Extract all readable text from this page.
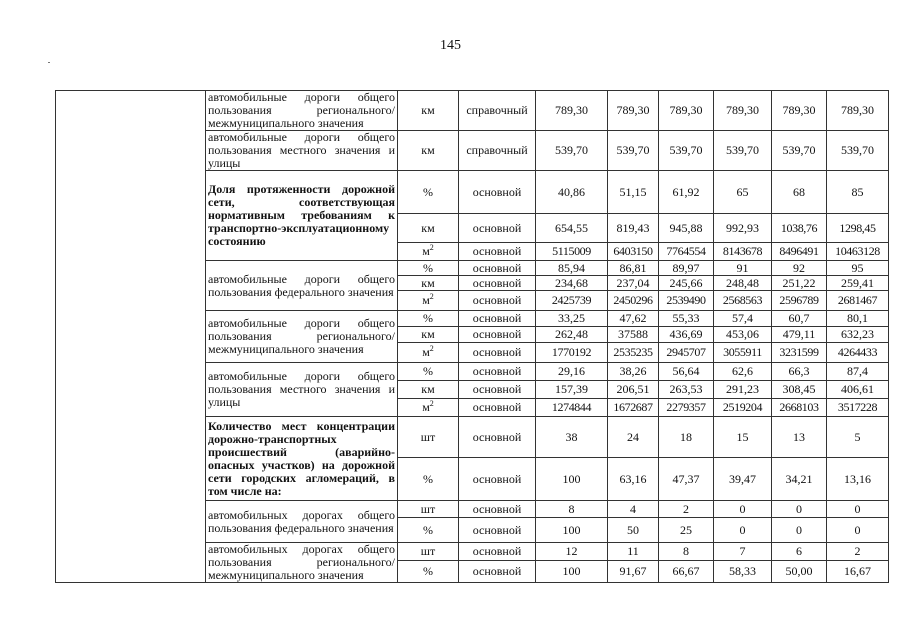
145
	автомобильные дороги общего пользования регионального/ межмуниципального значения	км	справочный	789,30	789,30	789,30	789,30	789,30	789,30
	автомобильные дороги общего пользования местного значения и улицы	км	справочный	539,70	539,70	539,70	539,70	539,70	539,70
	Доля протяженности дорожной сети, соответствующая нормативным требованиям к транспортно-эксплуатационному состоянию	%	основной	40,86	51,15	61,92	65	68	85
		км	основной	654,55	819,43	945,88	992,93	1038,76	1298,45
		$м^2$	основной	5115009	6403150	7764554	8143678	8496491	10463128
	автомобильные дороги общего пользования федерального значения	%	основной	85,94	86,81	89,97	91	92	95
		км	основной	234,68	237,04	245,66	248,48	251,22	259,41
		$м^2$	основной	2425739	2450296	2539490	2568563	2596789	2681467
	автомобильные дороги общего пользования регионального/ межмуниципального значения	%	основной	33,25	47,62	55,33	57,4	60,7	80,1
		км	основной	262,48	37588	436,69	453,06	479,11	632,23
		$м^2$	основной	1770192	2535235	2945707	3055911	3231599	4264433
	автомобильные дороги общего пользования местного значения и улицы	%	основной	29,16	38,26	56,64	62,6	66,3	87,4
		км	основной	157,39	206,51	263,53	291,23	308,45	406,61
		$м^2$	основной	1274844	1672687	2279357	2519204	2668103	3517228
	Количество мест концентрации дорожно-транспортных происшествий (аварийно-опасных участков) на дорожной сети городских агломераций, в том числе на:	шт	основной	38	24	18	15	13	5
		%	основной	100	63,16	47,37	39,47	34,21	13,16
	автомобильных дорогах общего пользования федерального значения	шт	основной	8	4	2	0	0	0
		%	основной	100	50	25	0	0	0
	автомобильных дорогах общего пользования регионального/ межмуниципального значения	шт	основной	12	11	8	7	6	2
		%	основной	100	91,67	66,67	58,33	50,00	16,67
